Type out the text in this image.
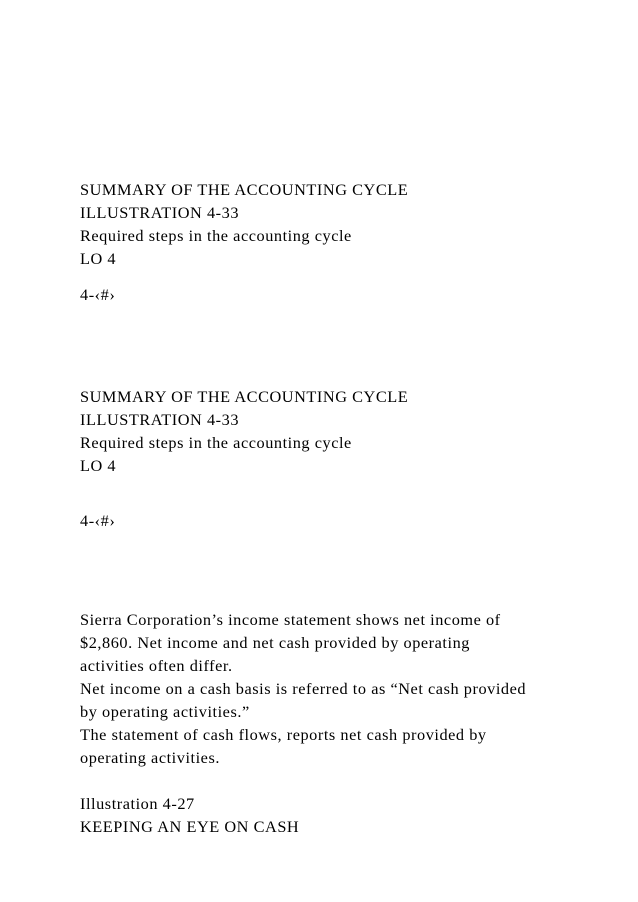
SUMMARY OF THE ACCOUNTING CYCLE
ILLUSTRATION 4-33
Required steps in the accounting cycle
LO 4
4-‹#›
SUMMARY OF THE ACCOUNTING CYCLE
ILLUSTRATION 4-33
Required steps in the accounting cycle
LO 4
4-‹#›
Sierra Corporation’s income statement shows net income of
$2,860. Net income and net cash provided by operating
activities often differ.
Net income on a cash basis is referred to as “Net cash provided
by operating activities.”
The statement of cash flows, reports net cash provided by
operating activities.
Illustration 4-27
KEEPING AN EYE ON CASH
